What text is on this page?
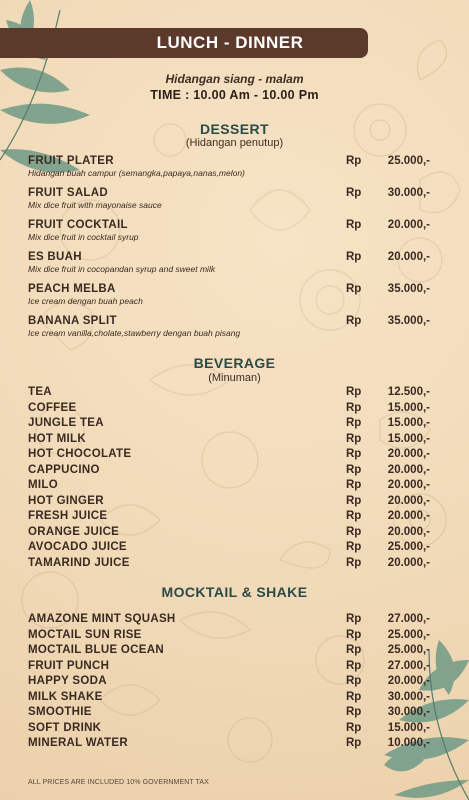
LUNCH - DINNER
Hidangan siang - malam
TIME : 10.00 Am - 10.00 Pm
DESSERT
(Hidangan penutup)
FRUIT PLATER
Hidangan buah campur (semangka,papaya,nanas,melon)
Rp 25.000,-
FRUIT SALAD
Mix dice fruit with mayonaise sauce
Rp 30.000,-
FRUIT COCKTAIL
Mix dice fruit in cocktail syrup
Rp 20.000,-
ES BUAH
Mix dice fruit in cocopandan syrup and sweet milk
Rp 20.000,-
PEACH MELBA
Ice cream dengan buah peach
Rp 35.000,-
BANANA SPLIT
Ice cream vanilla,cholate,stawberry dengan buah pisang
Rp 35.000,-
BEVERAGE
(Minuman)
TEA	Rp 12.500,-
COFFEE	Rp 15.000,-
JUNGLE TEA	Rp 15.000,-
HOT MILK	Rp 15.000,-
HOT CHOCOLATE	Rp 20.000,-
CAPPUCINO	Rp 20.000,-
MILO	Rp 20.000,-
HOT GINGER	Rp 20.000,-
FRESH JUICE	Rp 20.000,-
ORANGE JUICE	Rp 20.000,-
AVOCADO JUICE	Rp 25.000,-
TAMARIND JUICE	Rp 20.000,-
MOCKTAIL & SHAKE
AMAZONE MINT SQUASH	Rp 27.000,-
MOCTAIL SUN RISE	Rp 25.000,-
MOCTAIL BLUE OCEAN	Rp 25.000,-
FRUIT PUNCH	Rp 27.000,-
HAPPY SODA	Rp 20.000,-
MILK SHAKE	Rp 30.000,-
SMOOTHIE	Rp 30.000,-
SOFT DRINK	Rp 15.000,-
MINERAL WATER	Rp 10.000,-
ALL PRICES ARE INCLUDED 10% GOVERNMENT TAX
